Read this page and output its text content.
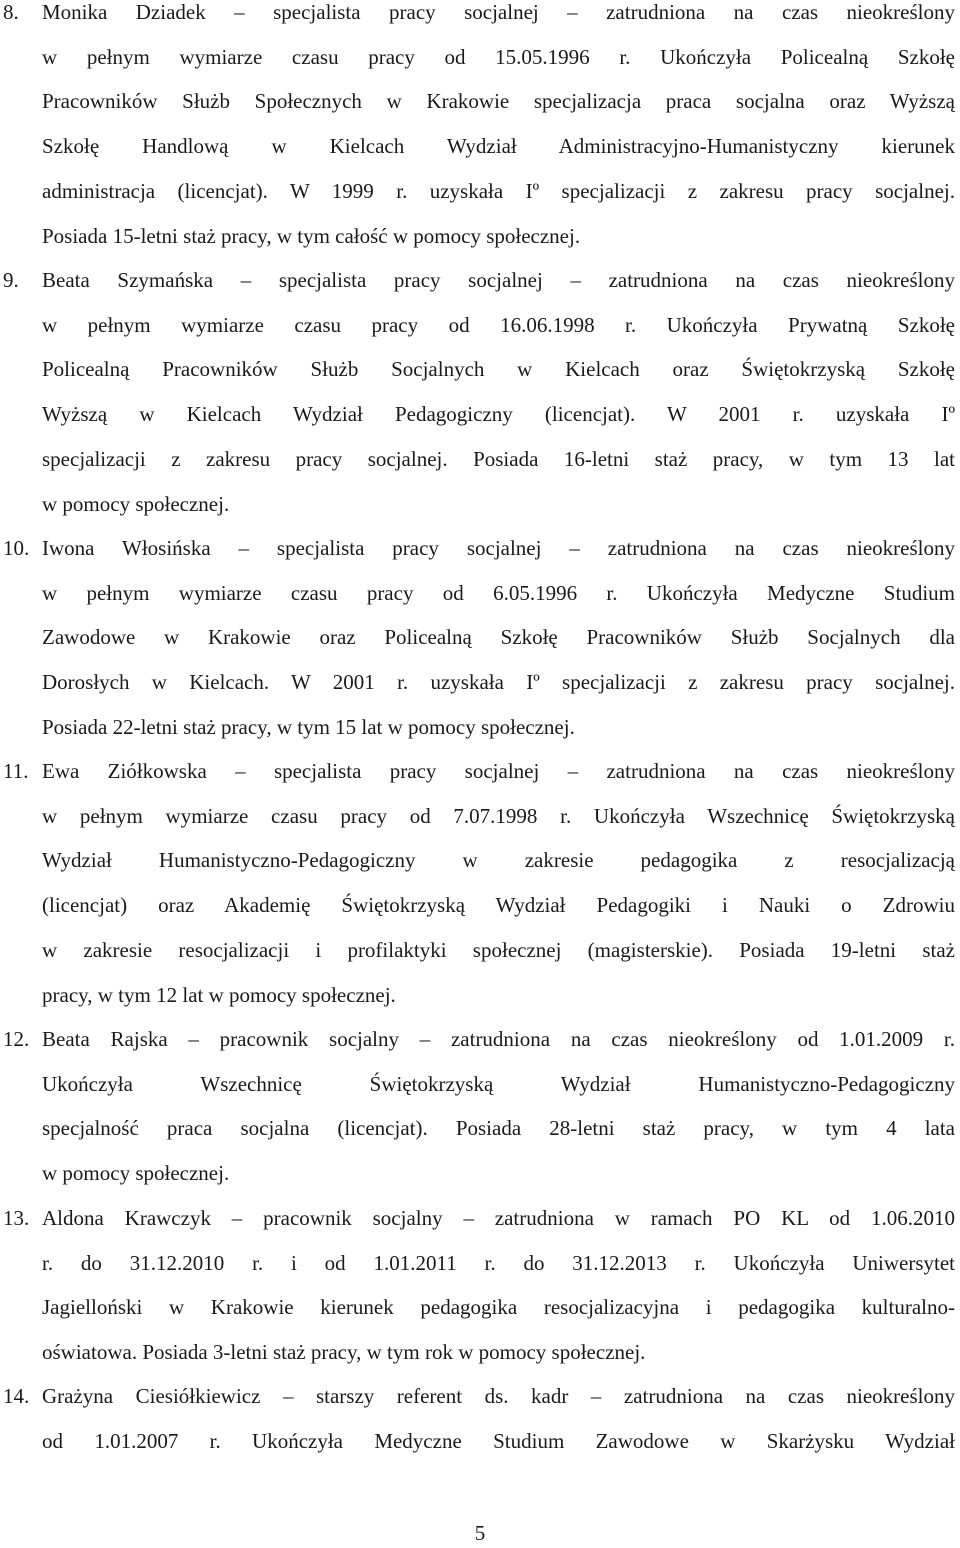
8. Monika Dziadek – specjalista pracy socjalnej – zatrudniona na czas nieokreślony
w pełnym wymiarze czasu pracy od 15.05.1996 r. Ukończyła Policealną Szkołę
Pracowników Służb Społecznych w Krakowie specjalizacja praca socjalna oraz Wyższą
Szkołę Handlową w Kielcach Wydział Administracyjno-Humanistyczny kierunek
administracja (licencjat). W 1999 r. uzyskała Iº specjalizacji z zakresu pracy socjalnej.
Posiada 15-letni staż pracy, w tym całość w pomocy społecznej.
9. Beata Szymańska – specjalista pracy socjalnej – zatrudniona na czas nieokreślony
w pełnym wymiarze czasu pracy od 16.06.1998 r. Ukończyła Prywatną Szkołę
Policealną Pracowników Służb Socjalnych w Kielcach oraz Świętokrzyską Szkołę
Wyższą w Kielcach Wydział Pedagogiczny (licencjat). W 2001 r. uzyskała Iº
specjalizacji z zakresu pracy socjalnej. Posiada 16-letni staż pracy, w tym 13 lat
w pomocy społecznej.
10. Iwona Włosińska – specjalista pracy socjalnej – zatrudniona na czas nieokreślony
w pełnym wymiarze czasu pracy od 6.05.1996 r. Ukończyła Medyczne Studium
Zawodowe w Krakowie oraz Policealną Szkołę Pracowników Służb Socjalnych dla
Dorosłych w Kielcach. W 2001 r. uzyskała Iº specjalizacji z zakresu pracy socjalnej.
Posiada 22-letni staż pracy, w tym 15 lat w pomocy społecznej.
11. Ewa Ziółkowska – specjalista pracy socjalnej – zatrudniona na czas nieokreślony
w pełnym wymiarze czasu pracy od 7.07.1998 r. Ukończyła Wszechnicę Świętokrzyską
Wydział Humanistyczno-Pedagogiczny w zakresie pedagogika z resocjalizacją
(licencjat) oraz Akademię Świętokrzyską Wydział Pedagogiki i Nauki o Zdrowiu
w zakresie resocjalizacji i profilaktyki społecznej (magisterskie). Posiada 19-letni staż
pracy, w tym 12 lat w pomocy społecznej.
12. Beata Rajska – pracownik socjalny – zatrudniona na czas nieokreślony od 1.01.2009 r.
Ukończyła Wszechnicę Świętokrzyską Wydział Humanistyczno-Pedagogiczny
specjalność praca socjalna (licencjat). Posiada 28-letni staż pracy, w tym 4 lata
w pomocy społecznej.
13. Aldona Krawczyk – pracownik socjalny – zatrudniona w ramach PO KL od 1.06.2010
r. do 31.12.2010 r. i od 1.01.2011 r. do 31.12.2013 r. Ukończyła Uniwersytet
Jagielloński w Krakowie kierunek pedagogika resocjalizacyjna i pedagogika kulturalno-
oświatowa. Posiada 3-letni staż pracy, w tym rok w pomocy społecznej.
14. Grażyna Ciesiółkiewicz – starszy referent ds. kadr – zatrudniona na czas nieokreślony
od 1.01.2007 r. Ukończyła Medyczne Studium Zawodowe w Skarżysku Wydział
5
